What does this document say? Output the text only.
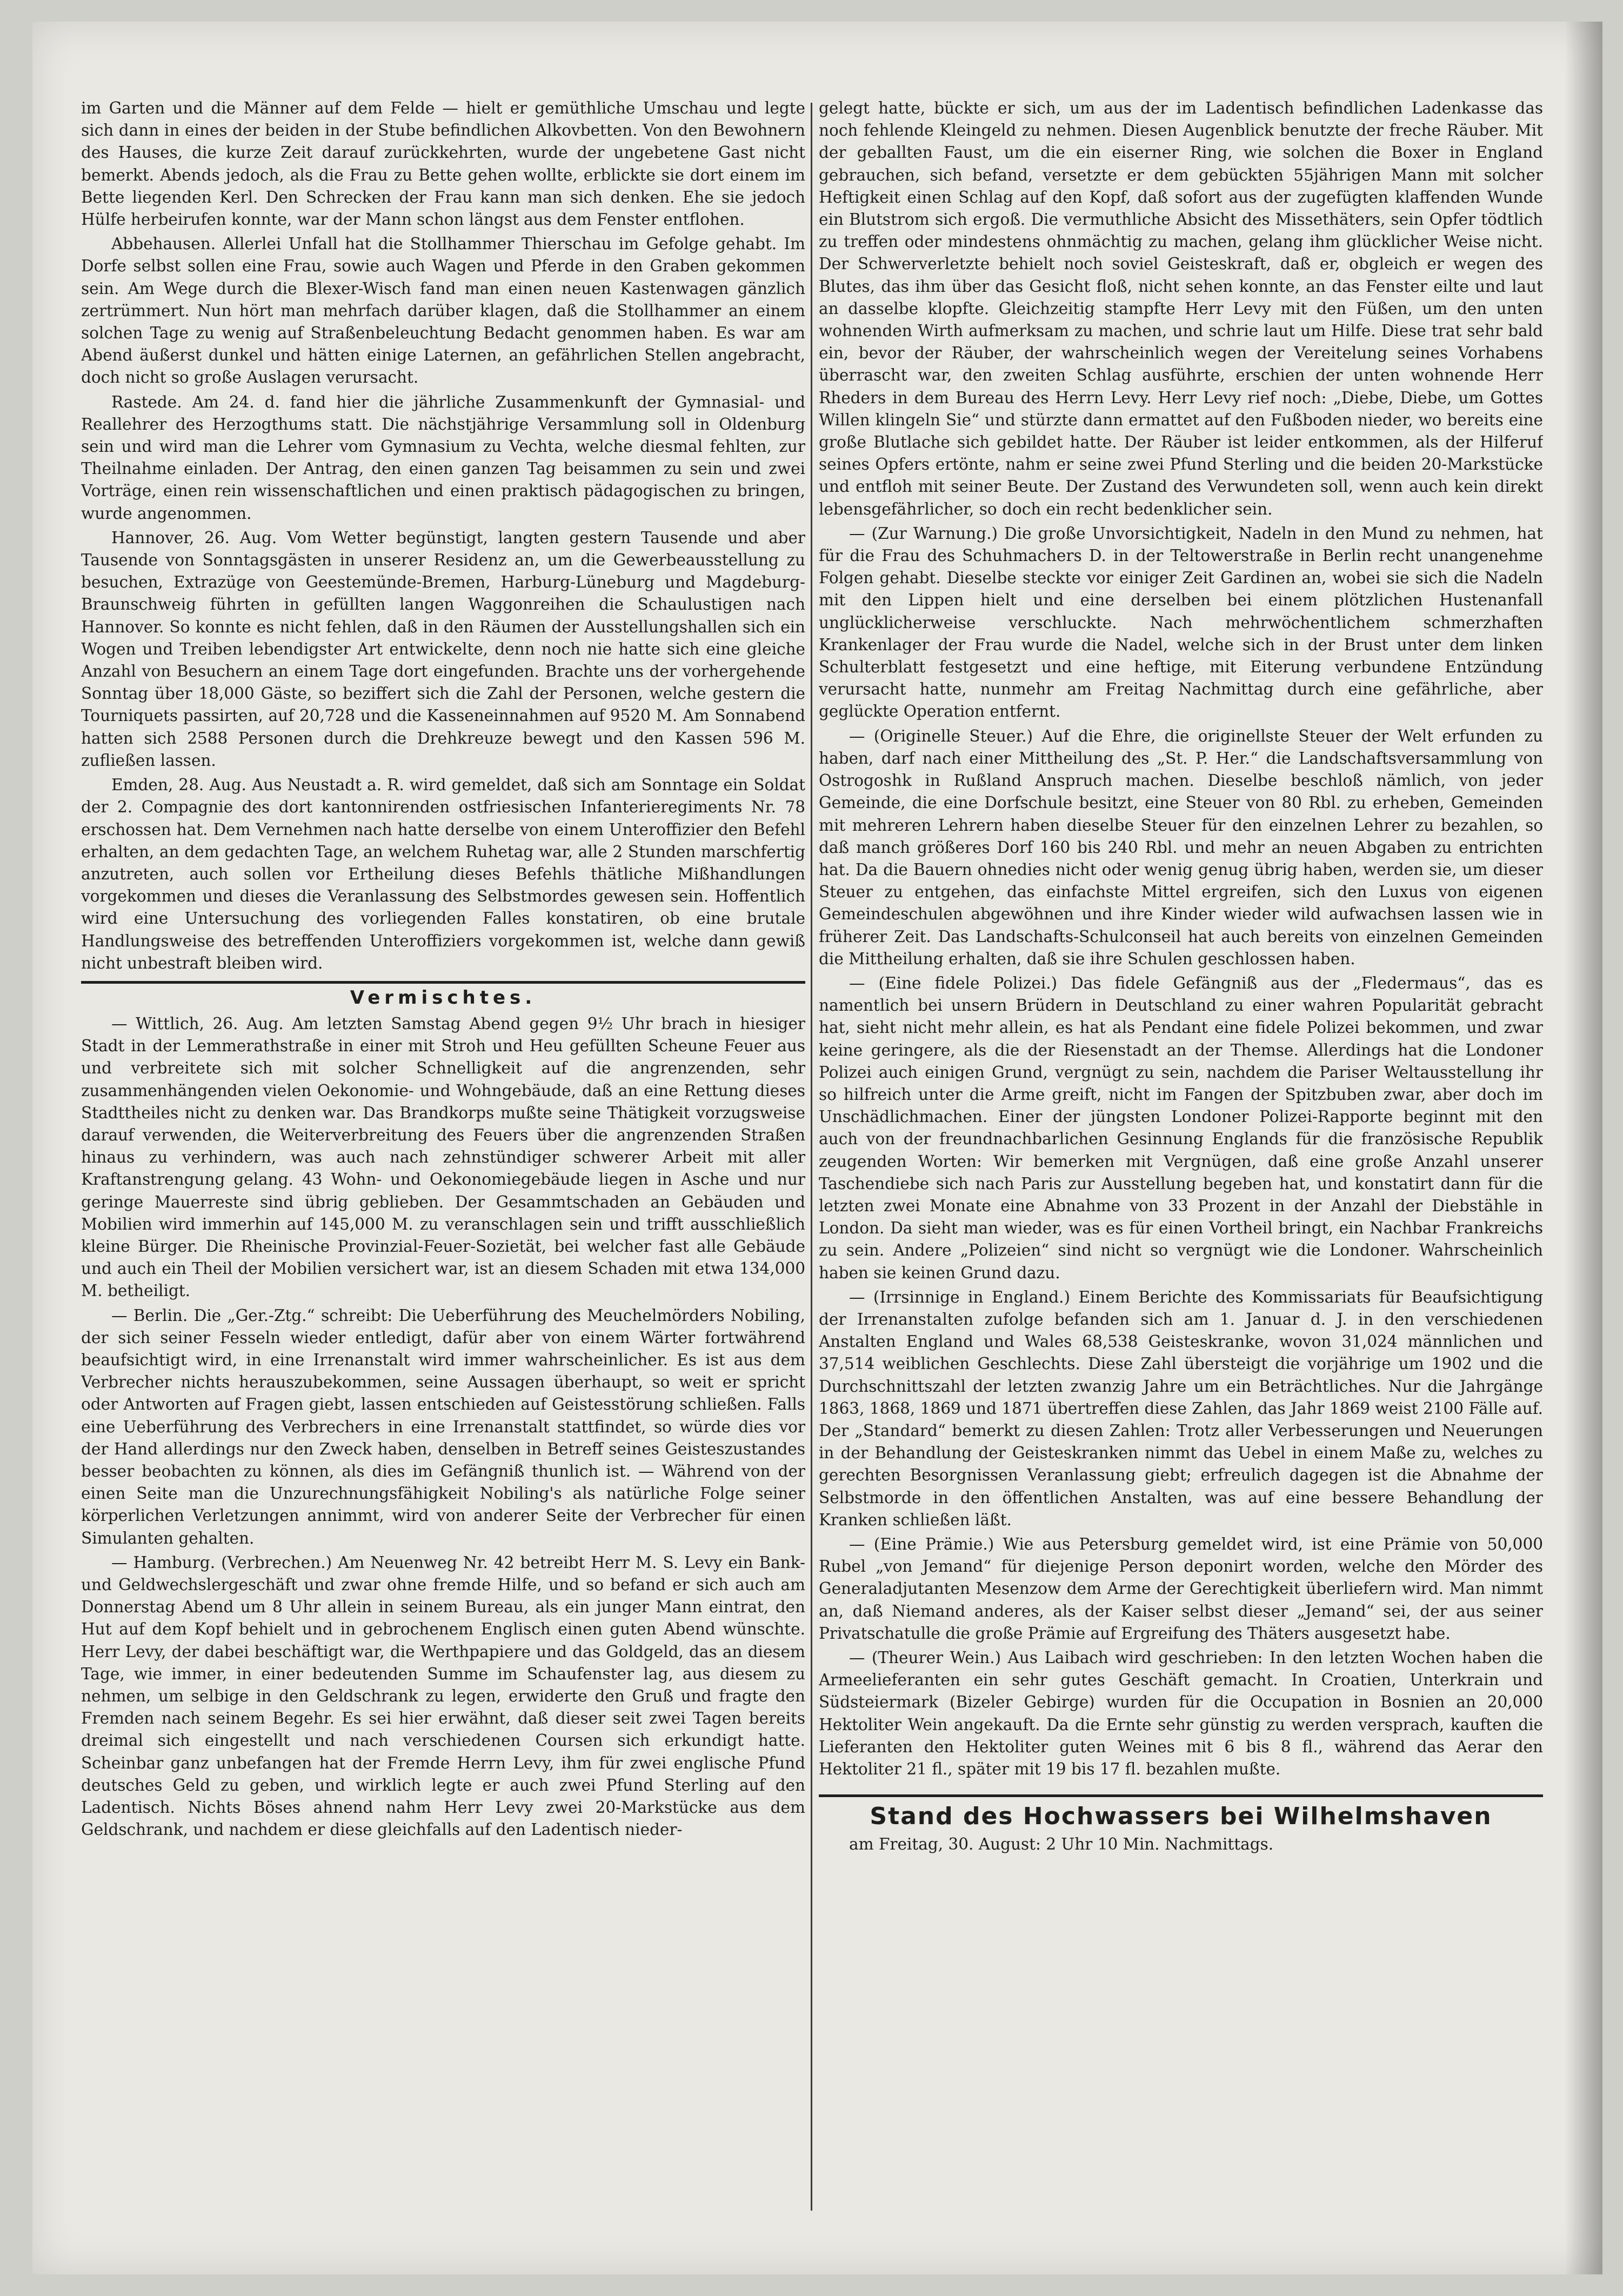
im Garten und die Männer auf dem Felde — hielt er gemüthliche Umschau und legte sich dann in eines der beiden in der Stube befindlichen Alkovbetten. Von den Bewohnern des Hauses, die kurze Zeit darauf zurückkehrten, wurde der ungebetene Gast nicht bemerkt. Abends jedoch, als die Frau zu Bette gehen wollte, erblickte sie dort einem im Bette liegenden Kerl. Den Schrecken der Frau kann man sich denken. Ehe sie jedoch Hülfe herbeirufen konnte, war der Mann schon längst aus dem Fenster entflohen.

Abbehausen. Allerlei Unfall hat die Stollhammer Thierschau im Gefolge gehabt. Im Dorfe selbst sollen eine Frau, sowie auch Wagen und Pferde in den Graben gekommen sein. Am Wege durch die Blexer-Wisch fand man einen neuen Kastenwagen gänzlich zertrümmert. Nun hört man mehrfach darüber klagen, daß die Stollhammer an einem solchen Tage zu wenig auf Straßenbeleuchtung Bedacht genommen haben. Es war am Abend äußerst dunkel und hätten einige Laternen, an gefährlichen Stellen angebracht, doch nicht so große Auslagen verursacht.

Rastede. Am 24. d. fand hier die jährliche Zusammenkunft der Gymnasial- und Reallehrer des Herzogthums statt. Die nächstjährige Versammlung soll in Oldenburg sein und wird man die Lehrer vom Gymnasium zu Vechta, welche diesmal fehlten, zur Theilnahme einladen. Der Antrag, den einen ganzen Tag beisammen zu sein und zwei Vorträge, einen rein wissenschaftlichen und einen praktisch pädagogischen zu bringen, wurde angenommen.

Hannover, 26. Aug. Vom Wetter begünstigt, langten gestern Tausende und aber Tausende von Sonntagsgästen in unserer Residenz an, um die Gewerbeausstellung zu besuchen, Extrazüge von Geestemünde-Bremen, Harburg-Lüneburg und Magdeburg-Braunschweig führten in gefüllten langen Waggonreihen die Schaulustigen nach Hannover. So konnte es nicht fehlen, daß in den Räumen der Ausstellungshallen sich ein Wogen und Treiben lebendigster Art entwickelte, denn noch nie hatte sich eine gleiche Anzahl von Besuchern an einem Tage dort eingefunden. Brachte uns der vorhergehende Sonntag über 18,000 Gäste, so beziffert sich die Zahl der Personen, welche gestern die Tourniquets passirten, auf 20,728 und die Kasseneinnahmen auf 9520 M. Am Sonnabend hatten sich 2588 Personen durch die Drehkreuze bewegt und den Kassen 596 M. zufließen lassen.

Emden, 28. Aug. Aus Neustadt a. R. wird gemeldet, daß sich am Sonntage ein Soldat der 2. Compagnie des dort kantonnirenden ostfriesischen Infanterieregiments Nr. 78 erschossen hat. Dem Vernehmen nach hatte derselbe von einem Unteroffizier den Befehl erhalten, an dem gedachten Tage, an welchem Ruhetag war, alle 2 Stunden marschfertig anzutreten, auch sollen vor Ertheilung dieses Befehls thätliche Mißhandlungen vorgekommen und dieses die Veranlassung des Selbstmordes gewesen sein. Hoffentlich wird eine Untersuchung des vorliegenden Falles konstatiren, ob eine brutale Handlungsweise des betreffenden Unteroffiziers vorgekommen ist, welche dann gewiß nicht unbestraft bleiben wird.

Vermischtes.

— Wittlich, 26. Aug. Am letzten Samstag Abend gegen 9½ Uhr brach in hiesiger Stadt in der Lemmerathstraße in einer mit Stroh und Heu gefüllten Scheune Feuer aus und verbreitete sich mit solcher Schnelligkeit auf die angrenzenden, sehr zusammenhängenden vielen Oekonomie- und Wohngebäude, daß an eine Rettung dieses Stadttheiles nicht zu denken war. Das Brandkorps mußte seine Thätigkeit vorzugsweise darauf verwenden, die Weiterverbreitung des Feuers über die angrenzenden Straßen hinaus zu verhindern, was auch nach zehnstündiger schwerer Arbeit mit aller Kraftanstrengung gelang. 43 Wohn- und Oekonomiegebäude liegen in Asche und nur geringe Mauerreste sind übrig geblieben. Der Gesammtschaden an Gebäuden und Mobilien wird immerhin auf 145,000 M. zu veranschlagen sein und trifft ausschließlich kleine Bürger. Die Rheinische Provinzial-Feuer-Sozietät, bei welcher fast alle Gebäude und auch ein Theil der Mobilien versichert war, ist an diesem Schaden mit etwa 134,000 M. betheiligt.

— Berlin. Die „Ger.-Ztg.“ schreibt: Die Ueberführung des Meuchelmörders Nobiling, der sich seiner Fesseln wieder entledigt, dafür aber von einem Wärter fortwährend beaufsichtigt wird, in eine Irrenanstalt wird immer wahrscheinlicher. Es ist aus dem Verbrecher nichts herauszubekommen, seine Aussagen überhaupt, so weit er spricht oder Antworten auf Fragen giebt, lassen entschieden auf Geistesstörung schließen. Falls eine Ueberführung des Verbrechers in eine Irrenanstalt stattfindet, so würde dies vor der Hand allerdings nur den Zweck haben, denselben in Betreff seines Geisteszustandes besser beobachten zu können, als dies im Gefängniß thunlich ist. — Während von der einen Seite man die Unzurechnungsfähigkeit Nobiling's als natürliche Folge seiner körperlichen Verletzungen annimmt, wird von anderer Seite der Verbrecher für einen Simulanten gehalten.

— Hamburg. (Verbrechen.) Am Neuenweg Nr. 42 betreibt Herr M. S. Levy ein Bank- und Geldwechslergeschäft und zwar ohne fremde Hilfe, und so befand er sich auch am Donnerstag Abend um 8 Uhr allein in seinem Bureau, als ein junger Mann eintrat, den Hut auf dem Kopf behielt und in gebrochenem Englisch einen guten Abend wünschte. Herr Levy, der dabei beschäftigt war, die Werthpapiere und das Goldgeld, das an diesem Tage, wie immer, in einer bedeutenden Summe im Schaufenster lag, aus diesem zu nehmen, um selbige in den Geldschrank zu legen, erwiderte den Gruß und fragte den Fremden nach seinem Begehr. Es sei hier erwähnt, daß dieser seit zwei Tagen bereits dreimal sich eingestellt und nach verschiedenen Coursen sich erkundigt hatte. Scheinbar ganz unbefangen hat der Fremde Herrn Levy, ihm für zwei englische Pfund deutsches Geld zu geben, und wirklich legte er auch zwei Pfund Sterling auf den Ladentisch. Nichts Böses ahnend nahm Herr Levy zwei 20-Markstücke aus dem Geldschrank, und nachdem er diese gleichfalls auf den Ladentisch nieder-

gelegt hatte, bückte er sich, um aus der im Ladentisch befindlichen Ladenkasse das noch fehlende Kleingeld zu nehmen. Diesen Augenblick benutzte der freche Räuber. Mit der geballten Faust, um die ein eiserner Ring, wie solchen die Boxer in England gebrauchen, sich befand, versetzte er dem gebückten 55jährigen Mann mit solcher Heftigkeit einen Schlag auf den Kopf, daß sofort aus der zugefügten klaffenden Wunde ein Blutstrom sich ergoß. Die vermuthliche Absicht des Missethäters, sein Opfer tödtlich zu treffen oder mindestens ohnmächtig zu machen, gelang ihm glücklicher Weise nicht. Der Schwerverletzte behielt noch soviel Geisteskraft, daß er, obgleich er wegen des Blutes, das ihm über das Gesicht floß, nicht sehen konnte, an das Fenster eilte und laut an dasselbe klopfte. Gleichzeitig stampfte Herr Levy mit den Füßen, um den unten wohnenden Wirth aufmerksam zu machen, und schrie laut um Hilfe. Diese trat sehr bald ein, bevor der Räuber, der wahrscheinlich wegen der Vereitelung seines Vorhabens überrascht war, den zweiten Schlag ausführte, erschien der unten wohnende Herr Rheders in dem Bureau des Herrn Levy. Herr Levy rief noch: „Diebe, Diebe, um Gottes Willen klingeln Sie“ und stürzte dann ermattet auf den Fußboden nieder, wo bereits eine große Blutlache sich gebildet hatte. Der Räuber ist leider entkommen, als der Hilferuf seines Opfers ertönte, nahm er seine zwei Pfund Sterling und die beiden 20-Markstücke und entfloh mit seiner Beute. Der Zustand des Verwundeten soll, wenn auch kein direkt lebensgefährlicher, so doch ein recht bedenklicher sein.

— (Zur Warnung.) Die große Unvorsichtigkeit, Nadeln in den Mund zu nehmen, hat für die Frau des Schuhmachers D. in der Teltowerstraße in Berlin recht unangenehme Folgen gehabt. Dieselbe steckte vor einiger Zeit Gardinen an, wobei sie sich die Nadeln mit den Lippen hielt und eine derselben bei einem plötzlichen Hustenanfall unglücklicherweise verschluckte. Nach mehrwöchentlichem schmerzhaften Krankenlager der Frau wurde die Nadel, welche sich in der Brust unter dem linken Schulterblatt festgesetzt und eine heftige, mit Eiterung verbundene Entzündung verursacht hatte, nunmehr am Freitag Nachmittag durch eine gefährliche, aber geglückte Operation entfernt.

— (Originelle Steuer.) Auf die Ehre, die originellste Steuer der Welt erfunden zu haben, darf nach einer Mittheilung des „St. P. Her.“ die Landschaftsversammlung von Ostrogoshk in Rußland Anspruch machen. Dieselbe beschloß nämlich, von jeder Gemeinde, die eine Dorfschule besitzt, eine Steuer von 80 Rbl. zu erheben, Gemeinden mit mehreren Lehrern haben dieselbe Steuer für den einzelnen Lehrer zu bezahlen, so daß manch größeres Dorf 160 bis 240 Rbl. und mehr an neuen Abgaben zu entrichten hat. Da die Bauern ohnedies nicht oder wenig genug übrig haben, werden sie, um dieser Steuer zu entgehen, das einfachste Mittel ergreifen, sich den Luxus von eigenen Gemeindeschulen abgewöhnen und ihre Kinder wieder wild aufwachsen lassen wie in früherer Zeit. Das Landschafts-Schulconseil hat auch bereits von einzelnen Gemeinden die Mittheilung erhalten, daß sie ihre Schulen geschlossen haben.

— (Eine fidele Polizei.) Das fidele Gefängniß aus der „Fledermaus“, das es namentlich bei unsern Brüdern in Deutschland zu einer wahren Popularität gebracht hat, sieht nicht mehr allein, es hat als Pendant eine fidele Polizei bekommen, und zwar keine geringere, als die der Riesenstadt an der Themse. Allerdings hat die Londoner Polizei auch einigen Grund, vergnügt zu sein, nachdem die Pariser Weltausstellung ihr so hilfreich unter die Arme greift, nicht im Fangen der Spitzbuben zwar, aber doch im Unschädlichmachen. Einer der jüngsten Londoner Polizei-Rapporte beginnt mit den auch von der freundnachbarlichen Gesinnung Englands für die französische Republik zeugenden Worten: Wir bemerken mit Vergnügen, daß eine große Anzahl unserer Taschendiebe sich nach Paris zur Ausstellung begeben hat, und konstatirt dann für die letzten zwei Monate eine Abnahme von 33 Prozent in der Anzahl der Diebstähle in London. Da sieht man wieder, was es für einen Vortheil bringt, ein Nachbar Frankreichs zu sein. Andere „Polizeien“ sind nicht so vergnügt wie die Londoner. Wahrscheinlich haben sie keinen Grund dazu.

— (Irrsinnige in England.) Einem Berichte des Kommissariats für Beaufsichtigung der Irrenanstalten zufolge befanden sich am 1. Januar d. J. in den verschiedenen Anstalten England und Wales 68,538 Geisteskranke, wovon 31,024 männlichen und 37,514 weiblichen Geschlechts. Diese Zahl übersteigt die vorjährige um 1902 und die Durchschnittszahl der letzten zwanzig Jahre um ein Beträchtliches. Nur die Jahrgänge 1863, 1868, 1869 und 1871 übertreffen diese Zahlen, das Jahr 1869 weist 2100 Fälle auf. Der „Standard“ bemerkt zu diesen Zahlen: Trotz aller Verbesserungen und Neuerungen in der Behandlung der Geisteskranken nimmt das Uebel in einem Maße zu, welches zu gerechten Besorgnissen Veranlassung giebt; erfreulich dagegen ist die Abnahme der Selbstmorde in den öffentlichen Anstalten, was auf eine bessere Behandlung der Kranken schließen läßt.

— (Eine Prämie.) Wie aus Petersburg gemeldet wird, ist eine Prämie von 50,000 Rubel „von Jemand“ für diejenige Person deponirt worden, welche den Mörder des Generaladjutanten Mesenzow dem Arme der Gerechtigkeit überliefern wird. Man nimmt an, daß Niemand anderes, als der Kaiser selbst dieser „Jemand“ sei, der aus seiner Privatschatulle die große Prämie auf Ergreifung des Thäters ausgesetzt habe.

— (Theurer Wein.) Aus Laibach wird geschrieben: In den letzten Wochen haben die Armeelieferanten ein sehr gutes Geschäft gemacht. In Croatien, Unterkrain und Südsteiermark (Bizeler Gebirge) wurden für die Occupation in Bosnien an 20,000 Hektoliter Wein angekauft. Da die Ernte sehr günstig zu werden versprach, kauften die Lieferanten den Hektoliter guten Weines mit 6 bis 8 fl., während das Aerar den Hektoliter 21 fl., später mit 19 bis 17 fl. bezahlen mußte.

Stand des Hochwassers bei Wilhelmshaven

am Freitag, 30. August: 2 Uhr 10 Min. Nachmittags.
